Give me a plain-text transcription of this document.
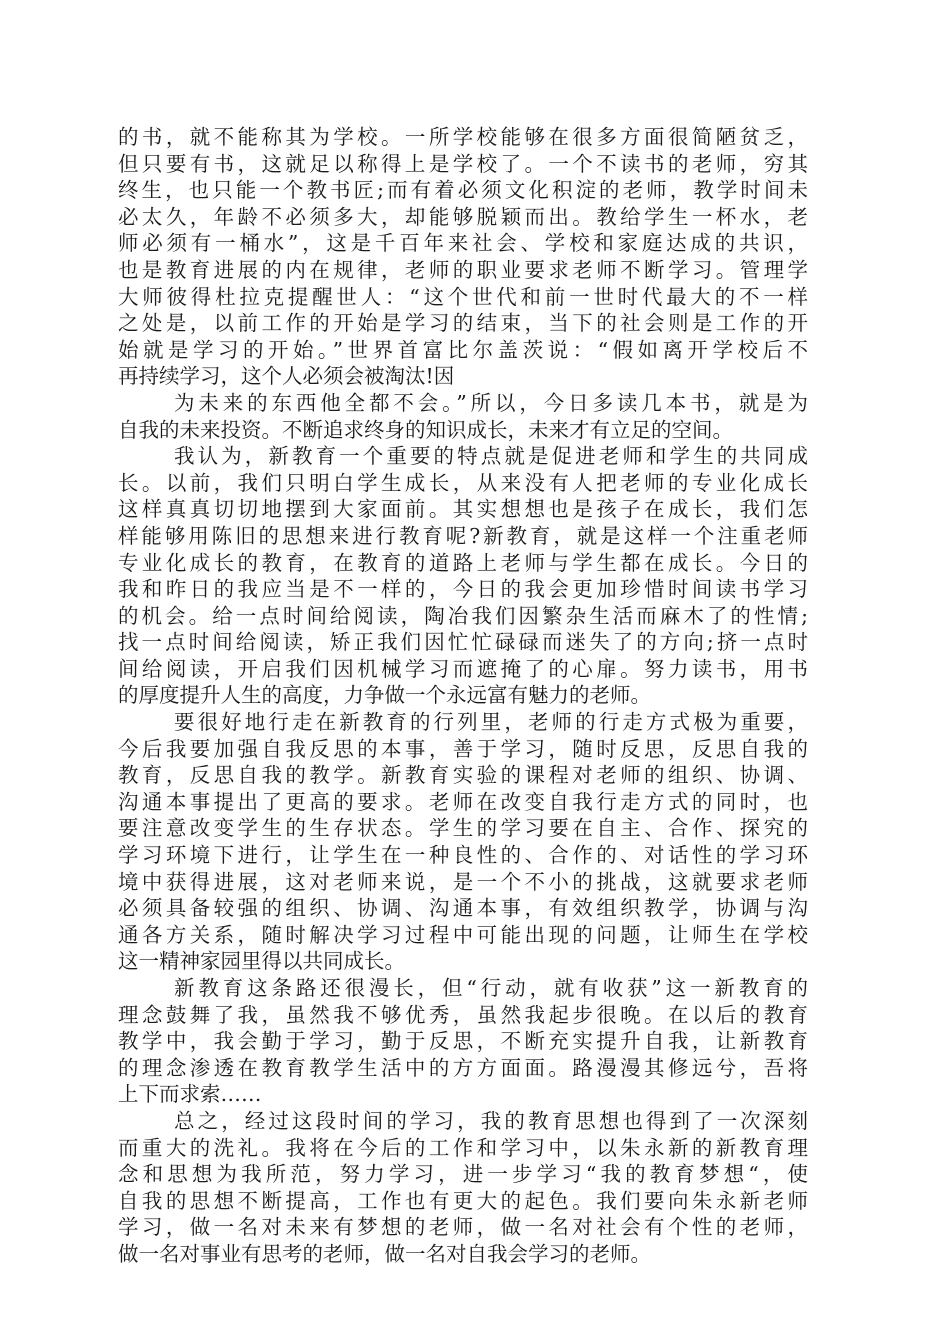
的书，就不能称其为学校。一所学校能够在很多方面很简陋贫乏，
但只要有书，这就足以称得上是学校了。一个不读书的老师，穷其
终生，也只能一个教书匠;而有着必须文化积淀的老师，教学时间未
必太久，年龄不必须多大，却能够脱颖而出。教给学生一杯水，老
师必须有一桶水”，这是千百年来社会、学校和家庭达成的共识，
也是教育进展的内在规律，老师的职业要求老师不断学习。管理学
大师彼得杜拉克提醒世人：“这个世代和前一世时代最大的不一样
之处是，以前工作的开始是学习的结束，当下的社会则是工作的开
始就是学习的开始。”世界首富比尔盖茨说：“假如离开学校后不
再持续学习，这个人必须会被淘汰!因
为未来的东西他全都不会。”所以，今日多读几本书，就是为
自我的未来投资。不断追求终身的知识成长，未来才有立足的空间。
我认为，新教育一个重要的特点就是促进老师和学生的共同成
长。以前，我们只明白学生成长，从来没有人把老师的专业化成长
这样真真切切地摆到大家面前。其实想想也是孩子在成长，我们怎
样能够用陈旧的思想来进行教育呢?新教育，就是这样一个注重老师
专业化成长的教育，在教育的道路上老师与学生都在成长。今日的
我和昨日的我应当是不一样的，今日的我会更加珍惜时间读书学习
的机会。给一点时间给阅读，陶冶我们因繁杂生活而麻木了的性情;
找一点时间给阅读，矫正我们因忙忙碌碌而迷失了的方向;挤一点时
间给阅读，开启我们因机械学习而遮掩了的心扉。努力读书，用书
的厚度提升人生的高度，力争做一个永远富有魅力的老师。
要很好地行走在新教育的行列里，老师的行走方式极为重要，
今后我要加强自我反思的本事，善于学习，随时反思，反思自我的
教育，反思自我的教学。新教育实验的课程对老师的组织、协调、
沟通本事提出了更高的要求。老师在改变自我行走方式的同时，也
要注意改变学生的生存状态。学生的学习要在自主、合作、探究的
学习环境下进行，让学生在一种良性的、合作的、对话性的学习环
境中获得进展，这对老师来说，是一个不小的挑战，这就要求老师
必须具备较强的组织、协调、沟通本事，有效组织教学，协调与沟
通各方关系，随时解决学习过程中可能出现的问题，让师生在学校
这一精神家园里得以共同成长。
新教育这条路还很漫长，但“行动，就有收获”这一新教育的
理念鼓舞了我，虽然我不够优秀，虽然我起步很晚。在以后的教育
教学中，我会勤于学习，勤于反思，不断充实提升自我，让新教育
的理念渗透在教育教学生活中的方方面面。路漫漫其修远兮，吾将
上下而求索……
总之，经过这段时间的学习，我的教育思想也得到了一次深刻
而重大的洗礼。我将在今后的工作和学习中，以朱永新的新教育理
念和思想为我所范，努力学习，进一步学习“我的教育梦想“，使
自我的思想不断提高，工作也有更大的起色。我们要向朱永新老师
学习，做一名对未来有梦想的老师，做一名对社会有个性的老师，
做一名对事业有思考的老师，做一名对自我会学习的老师。
